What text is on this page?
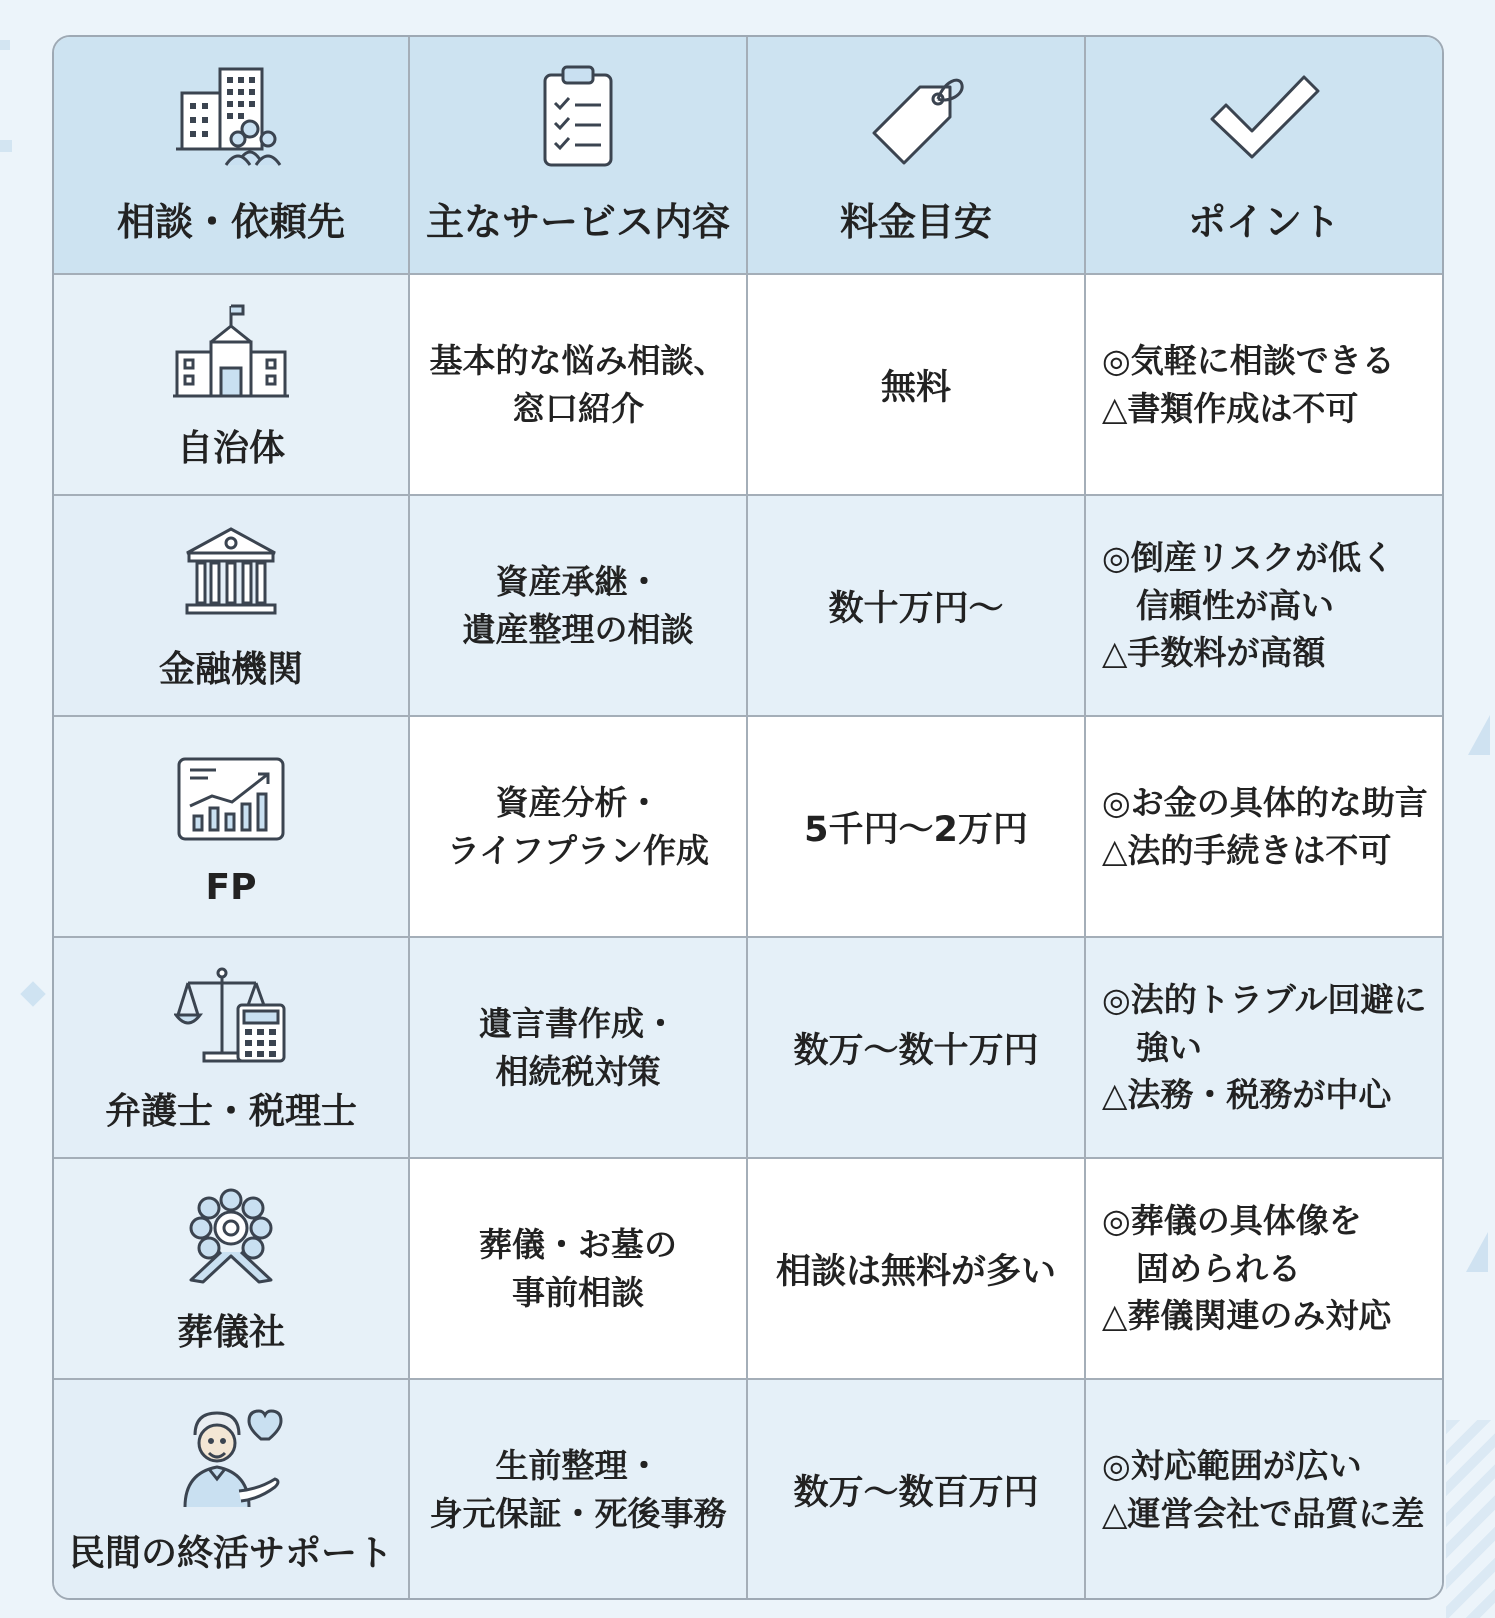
相談・依頼先	主なサービス内容	料金目安	ポイント

自治体	基本的な悩み相談、
窓口紹介	無料	◎気軽に相談できる
△書類作成は不可

金融機関	資産承継・
遺産整理の相談	数十万円〜	◎倒産リスクが低く
信頼性が高い
△手数料が高額

FP	資産分析・
ライフプラン作成	5千円〜2万円	◎お金の具体的な助言
△法的手続きは不可

弁護士・税理士	遺言書作成・
相続税対策	数万〜数十万円	◎法的トラブル回避に
強い
△法務・税務が中心

葬儀社	葬儀・お墓の
事前相談	相談は無料が多い	◎葬儀の具体像を
固められる
△葬儀関連のみ対応

民間の終活サポート	生前整理・
身元保証・死後事務	数万〜数百万円	◎対応範囲が広い
△運営会社で品質に差
